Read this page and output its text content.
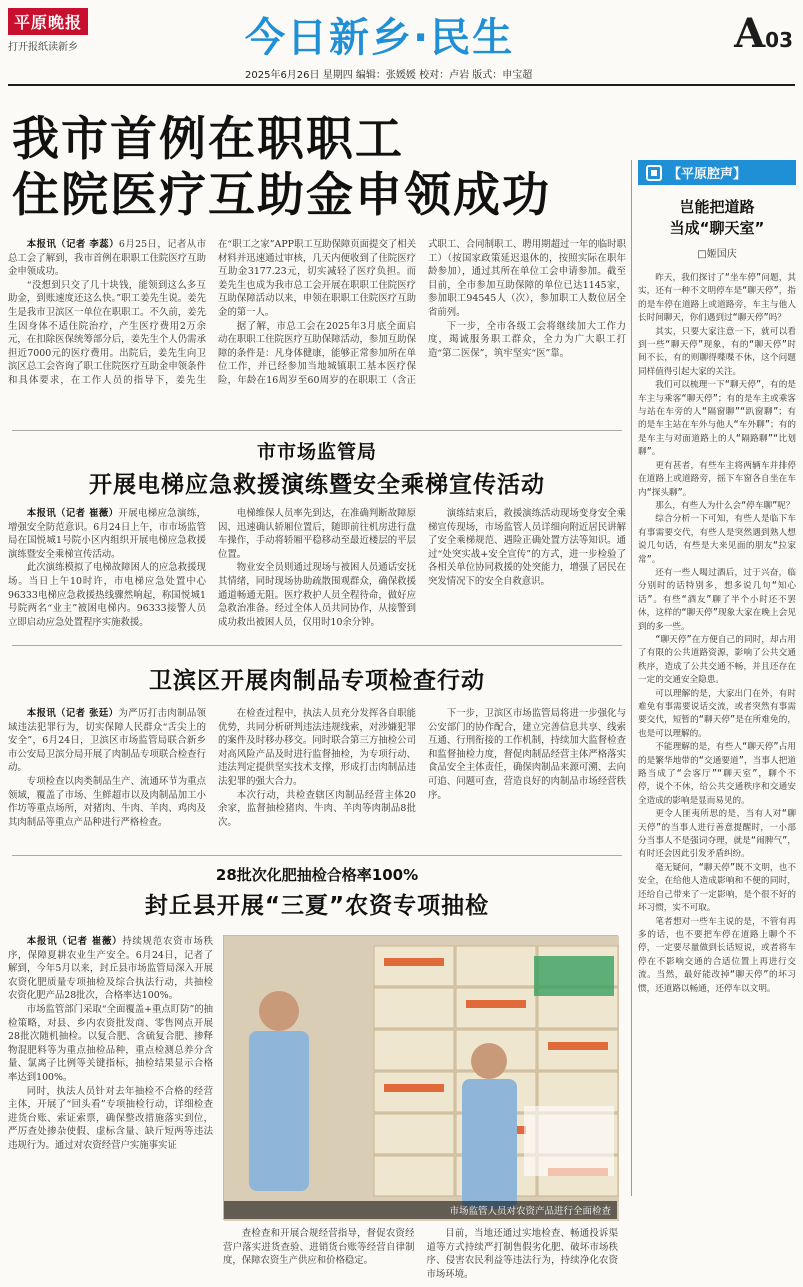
平原晚报
打开报纸读新乡	今日新乡·民生	A03
2025年6月26日 星期四 编辑：张媛媛 校对：卢岩 版式：申宝超
我市首例在职职工
住院医疗互助金申领成功

本报讯（记者 李蕊）6月25日，记者从市总工会了解到，我市首例在职职工住院医疗互助金申领成功。

“没想到只交了几十块钱，能领到这么多互助金，到账速度还这么快。”职工姜先生说。姜先生是我市卫滨区一单位在职职工。不久前，姜先生因身体不适住院治疗，产生医疗费用2万余元，在扣除医保统筹部分后，姜先生个人仍需承担近7000元的医疗费用。出院后，姜先生向卫滨区总工会咨询了职工住院医疗互助金申领条件和具体要求，在工作人员的指导下，姜先生在“职工之家”APP职工互助保障页面提交了相关材料并迅速通过审核，几天内便收到了住院医疗互助金3177.23元，切实减轻了医疗负担。而姜先生也成为我市总工会开展在职职工住院医疗互助保障活动以来，申领在职职工住院医疗互助金的第一人。

据了解，市总工会在2025年3月底全面启动在职职工住院医疗互助保障活动，参加互助保障的条件是：凡身体健康，能够正常参加所在单位工作，并已经参加当地城镇职工基本医疗保险，年龄在16周岁至60周岁的在职职工（含正式职工、合同制职工、聘用期超过一年的临时职工）（按国家政策延迟退休的，按照实际在职年龄参加），通过其所在单位工会申请参加。截至目前，全市参加互助保障的单位已达1145家，参加职工94545人（次），参加职工人数位居全省前列。

下一步，全市各级工会将继续加大工作力度，竭诚服务职工群众，全力为广大职工打造“第二医保”，筑牢坚实“医”靠。

市市场监管局
开展电梯应急救援演练暨安全乘梯宣传活动

本报讯（记者 崔薇）开展电梯应急演练，增强安全防范意识。6月24日上午，市市场监管局在国悦城1号院小区内组织开展电梯应急救援演练暨安全乘梯宣传活动。

此次演练模拟了电梯故障困人的应急救援现场。当日上午10时许，市电梯应急处置中心96333电梯应急救援热线骤然响起，称国悦城1号院两名“业主”被困电梯内。96333接警人员立即启动应急处置程序实施救援。

电梯维保人员率先到达，在准确判断故障原因、迅速确认轿厢位置后，随即前往机房进行盘车操作，手动将轿厢平稳移动至最近楼层的平层位置。

物业安全员则通过现场与被困人员通话安抚其情绪，同时现场协助疏散围观群众，确保救援通道畅通无阻。医疗救护人员全程待命，做好应急救治准备。经过全体人员共同协作，从接警到成功救出被困人员，仅用时10余分钟。

演练结束后，救援演练活动现场变身安全乘梯宣传现场，市场监管人员详细向附近居民讲解了安全乘梯规范、遇险正确处置方法等知识。通过“处突实战+安全宣传”的方式，进一步检验了各相关单位协同救援的处突能力，增强了居民在突发情况下的安全自救意识。

卫滨区开展肉制品专项检查行动

本报讯（记者 张廷）为严厉打击肉制品领域违法犯罪行为，切实保障人民群众“舌尖上的安全”，6月24日，卫滨区市场监管局联合新乡市公安局卫滨分局开展了肉制品专项联合检查行动。

专项检查以肉类制品生产、流通环节为重点领域，覆盖了市场、生鲜超市以及肉制品加工小作坊等重点场所，对猪肉、牛肉、羊肉、鸡肉及其肉制品等重点产品种进行严格检查。

在检查过程中，执法人员充分发挥各自职能优势，共同分析研判违法违规线索，对涉嫌犯罪的案件及时移办移交。同时联合第三方抽检公司对高风险产品及时进行监督抽检，为专项行动、违法判定提供坚实技术支撑，形成打击肉制品违法犯罪的强大合力。

本次行动，共检查辖区肉制品经营主体20余家，监督抽检猪肉、牛肉、羊肉等肉制品8批次。

下一步，卫滨区市场监管局将进一步强化与公安部门的协作配合，建立完善信息共享、线索互通、行刑衔接的工作机制，持续加大监督检查和监督抽检力度，督促肉制品经营主体严格落实食品安全主体责任，确保肉制品来源可溯、去向可追、问题可查，营造良好的肉制品市场经营秩序。

28批次化肥抽检合格率100%
封丘县开展“三夏”农资专项抽检

本报讯（记者 崔薇）持续规范农资市场秩序，保障夏耕农业生产安全。6月24日，记者了解到，今年5月以来，封丘县市场监管局深入开展农资化肥质量专项抽检及综合执法行动，共抽检农资化肥产品28批次，合格率达100%。

市场监管部门采取“全面覆盖+重点盯防”的抽检策略，对县、乡内农资批发商、零售网点开展28批次随机抽检。以复合肥、含硫复合肥、掺释物混肥料等为重点抽检品种，重点检测总养分含量、氯离子比例等关键指标，抽检结果显示合格率达到100%。

同时，执法人员针对去年抽检不合格的经营主体，开展了“回头看”专项抽检行动，详细检查进货台账、索证索票，确保整改措施落实到位，严厉查处掺杂使假、虚标含量、缺斤短两等违法违规行为。通过对农资经营户实施事实证

市场监管人员对农资产品进行全面检查

查检查和开展合规经营指导，督促农资经营户落实进货查验、进销货台账等经营自律制度，保障农资生产供应和价格稳定。

目前，当地还通过实地检查、畅通投诉渠道等方式持续严打制售假劣化肥、破坏市场秩序、侵害农民利益等违法行为，持续净化农资市场环境。

【平原腔声】
岂能把道路
当成“聊天室”
□姬国庆

昨天，我们探讨了“坐车停”问题，其实，还有一种不文明停车是“聊天停”，指的是车停在道路上或道路旁，车主与他人长时间聊天，你们遇到过“聊天停”吗？

其实，只要大家注意一下，就可以看到一些“聊天停”现象，有的“聊天停”时间不长，有的则聊得喋喋不休，这个问题同样值得引起大家的关注。

我们可以梳理一下“聊天停”，有的是车主与乘客“聊天停”；有的是车主或乘客与站在车旁的人“隔窗聊”“趴窗聊”；有的是车主站在车外与他人“车外聊”；有的是车主与对面道路上的人“隔路聊”“比划聊”。

更有甚者，有些车主将两辆车并排停在道路上或道路旁，摇下车窗各自坐在车内“探头聊”。

那么，有些人为什么会“停车聊”呢？

综合分析一下可知，有些人是临下车有事需要交代，有些人是突然遇到熟人想说几句话，有些是大来见面的朋友“拉家常”。

还有一些人喝过酒后，过于兴奋，临分别时的话特别多，想多说几句“知心话”。有些“酒友”聊了半个小时还不罢休，这样的“聊天停”现象大家在晚上会见到的多一些。

“聊天停”在方便自己的同时，却占用了有限的公共道路资源，影响了公共交通秩序，造成了公共交通不畅，并且还存在一定的交通安全隐患。

可以理解的是，大家出门在外，有时难免有事需要说话交流，或者突然有事需要交代，短暂的“聊天停”是在所难免的，也是可以理解的。

不能理解的是，有些人“聊天停”占用的是繁华地带的“交通要道”，当事人把道路当成了“会客厅”“聊天室”，聊个不停，说个不休，给公共交通秩序和交通安全造成的影响是显而易见的。

更令人匪夷所思的是，当有人对“聊天停”的当事人进行善意提醒时，一小部分当事人不是强词夺理，就是“闹脾气”，有时还会因此引发矛盾纠纷。

毫无疑问，“聊天停”既不文明，也不安全，在给他人造成影响和不便的同时，还给自己带来了一定影响，是个很不好的坏习惯，实不可取。

笔者想对一些车主说的是，不管有再多的话，也不要把车停在道路上聊个不停，一定要尽量做到长话短说，或者将车停在不影响交通的合适位置上再进行交流。当然，最好能改掉“聊天停”的坏习惯，还道路以畅通，还停车以文明。
